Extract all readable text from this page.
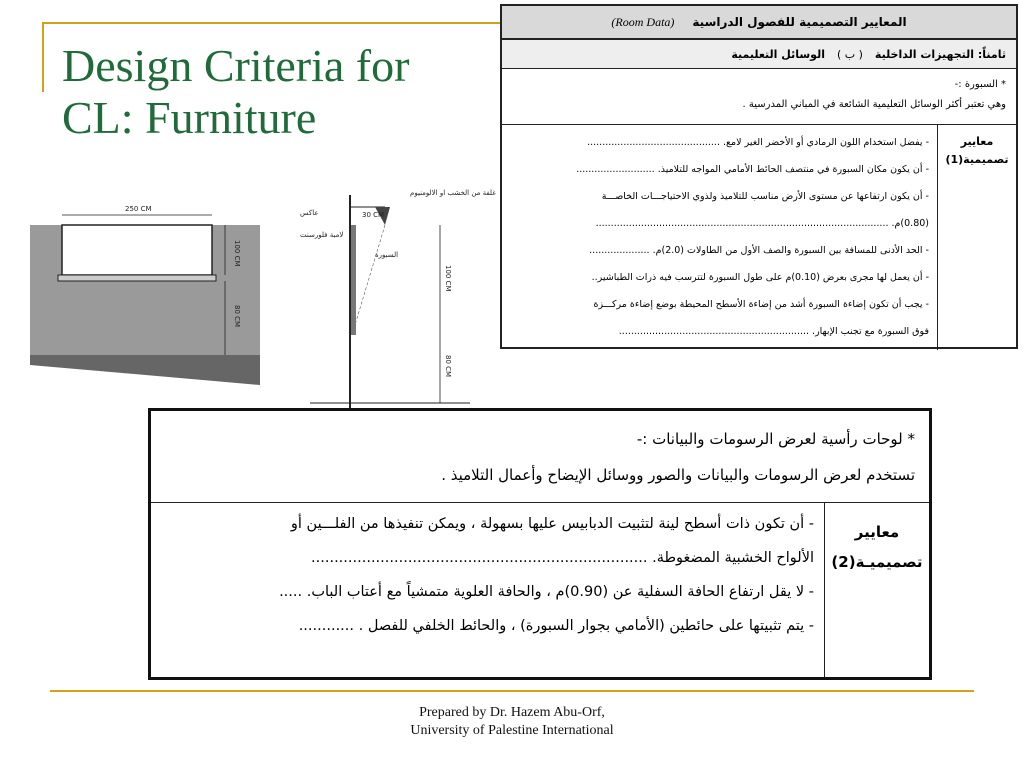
Design Criteria for
CL: Furniture
المعايير التصميمية للفصول الدراسية
(Room Data)
ثامناً: التجهيزات الداخلية
( ب )
الوسائل التعليمية
* السبورة :-
وهي تعتبر أكثر الوسائل التعليمية الشائعة في المباني المدرسية .
معايير تصميمية(1)
- يفضل استخدام اللون الرمادي أو الأخضر الغير لامع. ............................................
- أن يكون مكان السبورة في منتصف الحائط الأمامي المواجه للتلاميذ. ..........................
- أن يكون ارتفاعها عن مستوى الأرض مناسب للتلاميذ ولذوي الاحتياجـــات الخاصـــة
(0.80)م. .................................................................................................
- الحد الأدنى للمسافة بين السبورة والصف الأول من الطاولات (2.0)م. ....................
- أن يعمل لها مجرى بعرض (0.10)م على طول السبورة لتترسب فيه ذرات الطباشير..
- يجب أن تكون إضاءة السبورة أشد من إضاءة الأسطح المحيطة بوضع إضاءة مركـــزة
فوق السبورة مع تجنب الإبهار. ...............................................................
250 CM
100 CM
80 CM
غلفة من الخشب او الالومنيوم
عاكس
لامبة فلورسنت
السبورة
30 CM
100 CM
80 CM
* لوحات رأسية لعرض الرسومات والبيانات :-
تستخدم لعرض الرسومات والبيانات والصور ووسائل الإيضاح وأعمال التلاميذ .
معايير تصميميـة(2)
- أن تكون ذات أسطح لينة لتثبيت الدبابيس عليها بسهولة ، ويمكن تنفيذها من الفلـــين أو
الألواح الخشبية المضغوطة. .........................................................................
- لا يقل ارتفاع الحافة السفلية عن (0.90)م ، والحافة العلوية متمشياً مع أعتاب الباب. .....
- يتم تثبيتها على حائطين (الأمامي بجوار السبورة) ، والحائط الخلفي للفصل . ............
Prepared by Dr. Hazem Abu-Orf,
University of Palestine International
